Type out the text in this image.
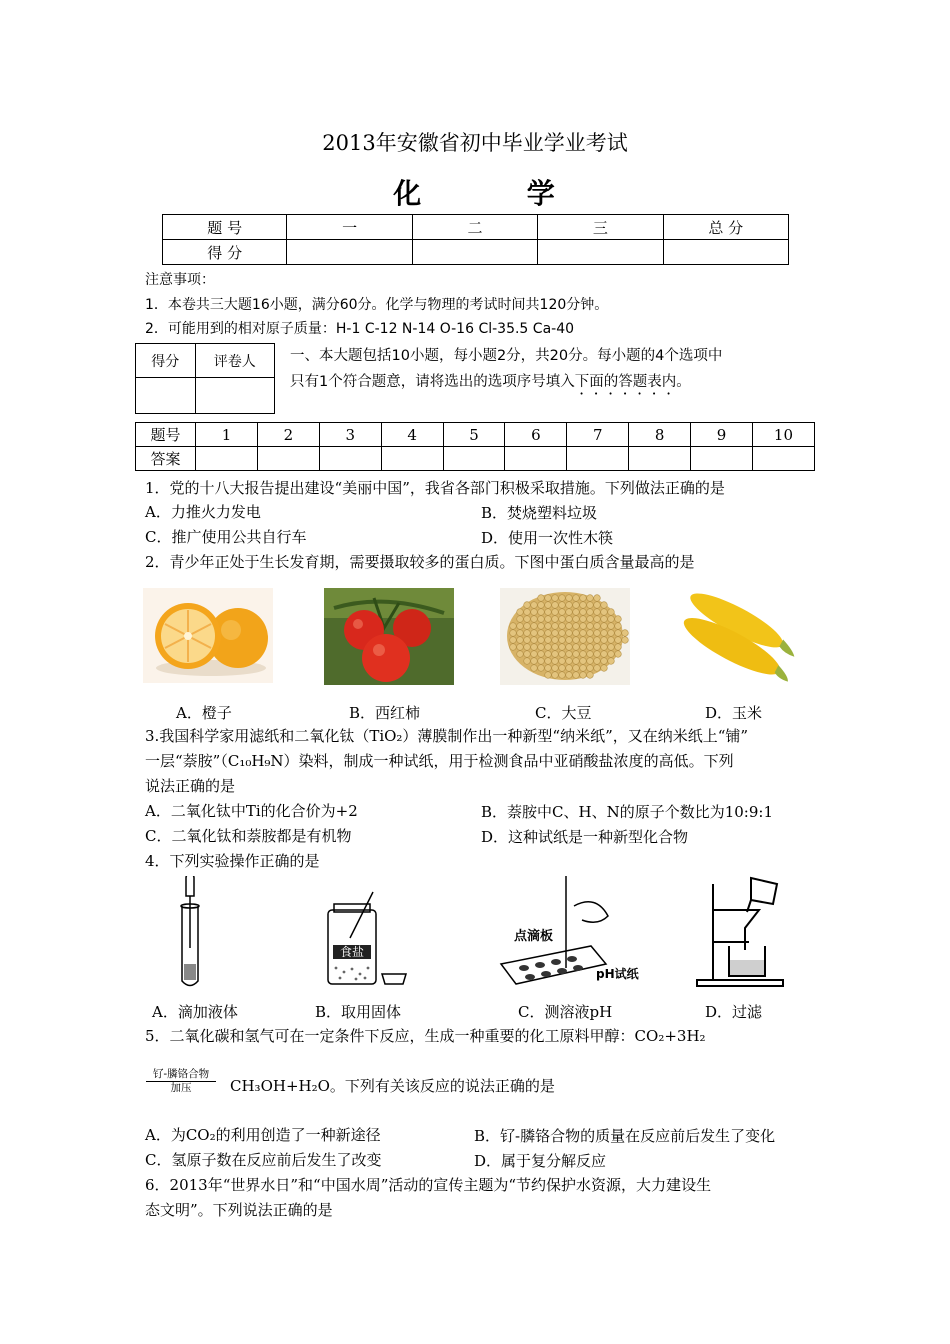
2013年安徽省初中毕业学业考试
化	学
题 号	一	二	三	总 分
得 分				
注意事项：
1．本卷共三大题16小题，满分60分。化学与物理的考试时间共120分钟。
2．可能用到的相对原子质量：H-1 C-12 N-14 O-16 Cl-35.5 Ca-40
得分	评卷人
	一、本大题包括10小题，每小题2分，共20分。每小题的4个选项中
只有1个符合题意，请将选出的选项序号填入下面的答题表内。
题号	1	2	3	4	5	6	7	8	9	10
答案										
1．党的十八大报告提出建设“美丽中国”，我省各部门积极采取措施。下列做法正确的是
A．力推火力发电	B．焚烧塑料垃圾
C．推广使用公共自行车	D．使用一次性木筷
2．青少年正处于生长发育期，需要摄取较多的蛋白质。下图中蛋白质含量最高的是
A．橙子	B．西红柿	C．大豆	D．玉米
3.我国科学家用滤纸和二氧化钛（TiO₂）薄膜制作出一种新型“纳米纸”，又在纳米纸上“铺”
一层“萘胺”（C₁₀H₉N）染料，制成一种试纸，用于检测食品中亚硝酸盐浓度的高低。下列
说法正确的是
A．二氧化钛中Ti的化合价为+2	B．萘胺中C、H、N的原子个数比为10:9:1
C．二氧化钛和萘胺都是有机物	D．这种试纸是一种新型化合物
4．下列实验操作正确的是
食盐
点滴板
pH试纸
A．滴加液体	B．取用固体	C．测溶液pH	D．过滤
5．二氧化碳和氢气可在一定条件下反应，生成一种重要的化工原料甲醇：CO₂+3H₂
钌-膦铬合物
加压	CH₃OH+H₂O。下列有关该反应的说法正确的是
A．为CO₂的利用创造了一种新途径	B．钌-膦铬合物的质量在反应前后发生了变化
C．氢原子数在反应前后发生了改变	D．属于复分解反应
6．2013年“世界水日”和“中国水周”活动的宣传主题为“节约保护水资源，大力建设生
态文明”。下列说法正确的是
